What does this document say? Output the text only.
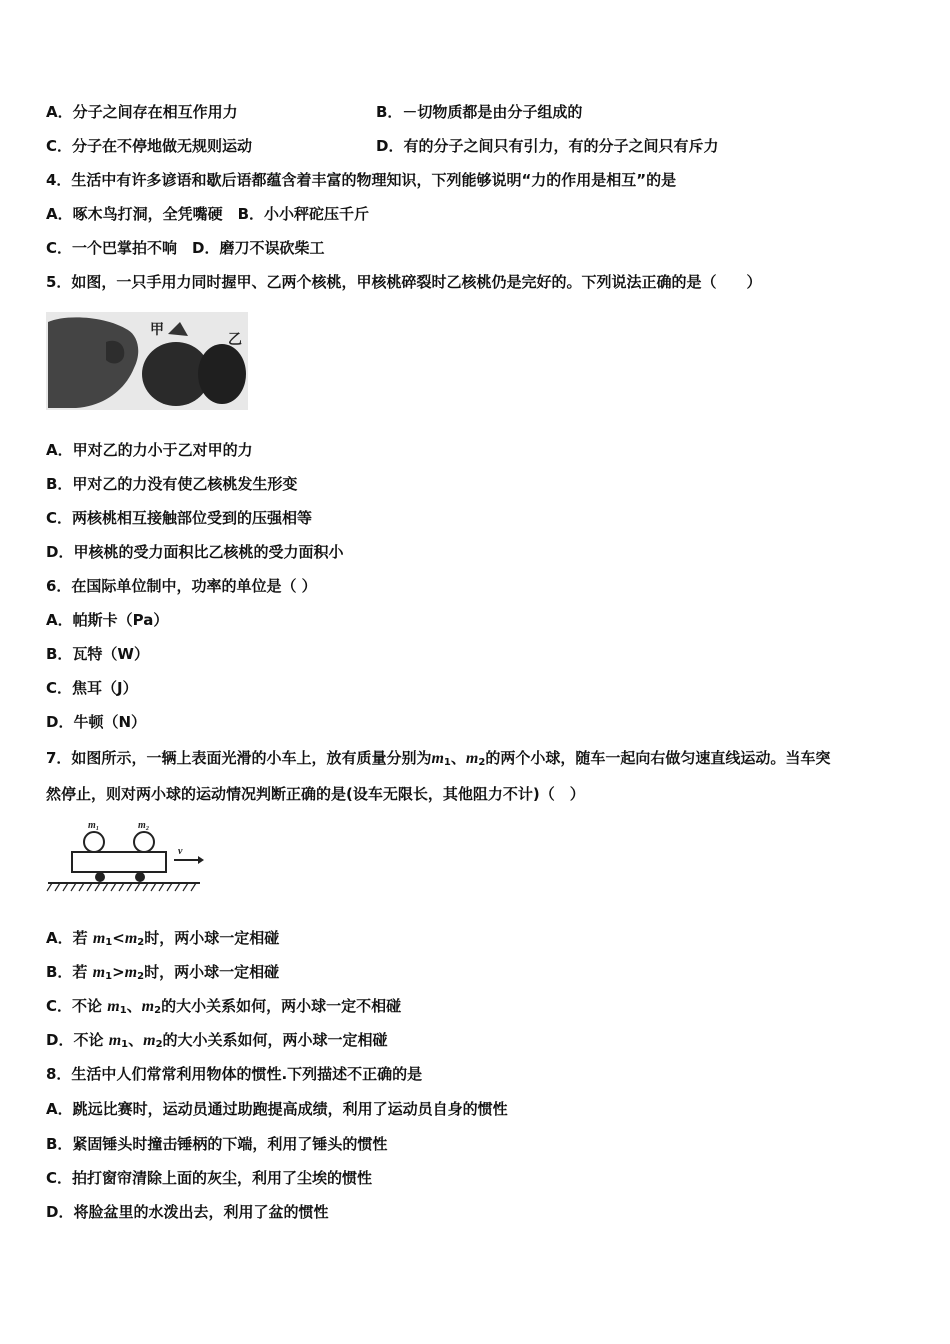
A．分子之间存在相互作用力	B．－切物质都是由分子组成的
C．分子在不停地做无规则运动	D．有的分子之间只有引力，有的分子之间只有斥力
4．生活中有许多谚语和歇后语都蕴含着丰富的物理知识，下列能够说明“力的作用是相互”的是
A．啄木鸟打洞，全凭嘴硬　B．小小秤砣压千斤
C．一个巴掌拍不响　D．磨刀不误砍柴工
5．如图，一只手用力同时握甲、乙两个核桃，甲核桃碎裂时乙核桃仍是完好的。下列说法正确的是（　　）
甲
乙
A．甲对乙的力小于乙对甲的力
B．甲对乙的力没有使乙核桃发生形变
C．两核桃相互接触部位受到的压强相等
D．甲核桃的受力面积比乙核桃的受力面积小
6．在国际单位制中，功率的单位是（ ）
A．帕斯卡（Pa）
B．瓦特（W）
C．焦耳（J）
D．牛顿（N）
7．如图所示，一辆上表面光滑的小车上，放有质量分别为$m_1$、$m_2$的两个小球，随车一起向右做匀速直线运动。当车突
然停止，则对两小球的运动情况判断正确的是(设车无限长，其他阻力不计)（　）
m₁	m₂
v
A．若 $m_1<m_2$时，两小球一定相碰
B．若 $m_1>m_2$时，两小球一定相碰
C．不论 $m_1$、$m_2$的大小关系如何，两小球一定不相碰
D．不论 $m_1$、$m_2$的大小关系如何，两小球一定相碰
8．生活中人们常常利用物体的惯性.下列描述不正确的是
A．跳远比赛时，运动员通过助跑提高成绩，利用了运动员自身的惯性
B．紧固锤头时撞击锤柄的下端，利用了锤头的惯性
C．拍打窗帘清除上面的灰尘，利用了尘埃的惯性
D．将脸盆里的水泼出去，利用了盆的惯性
